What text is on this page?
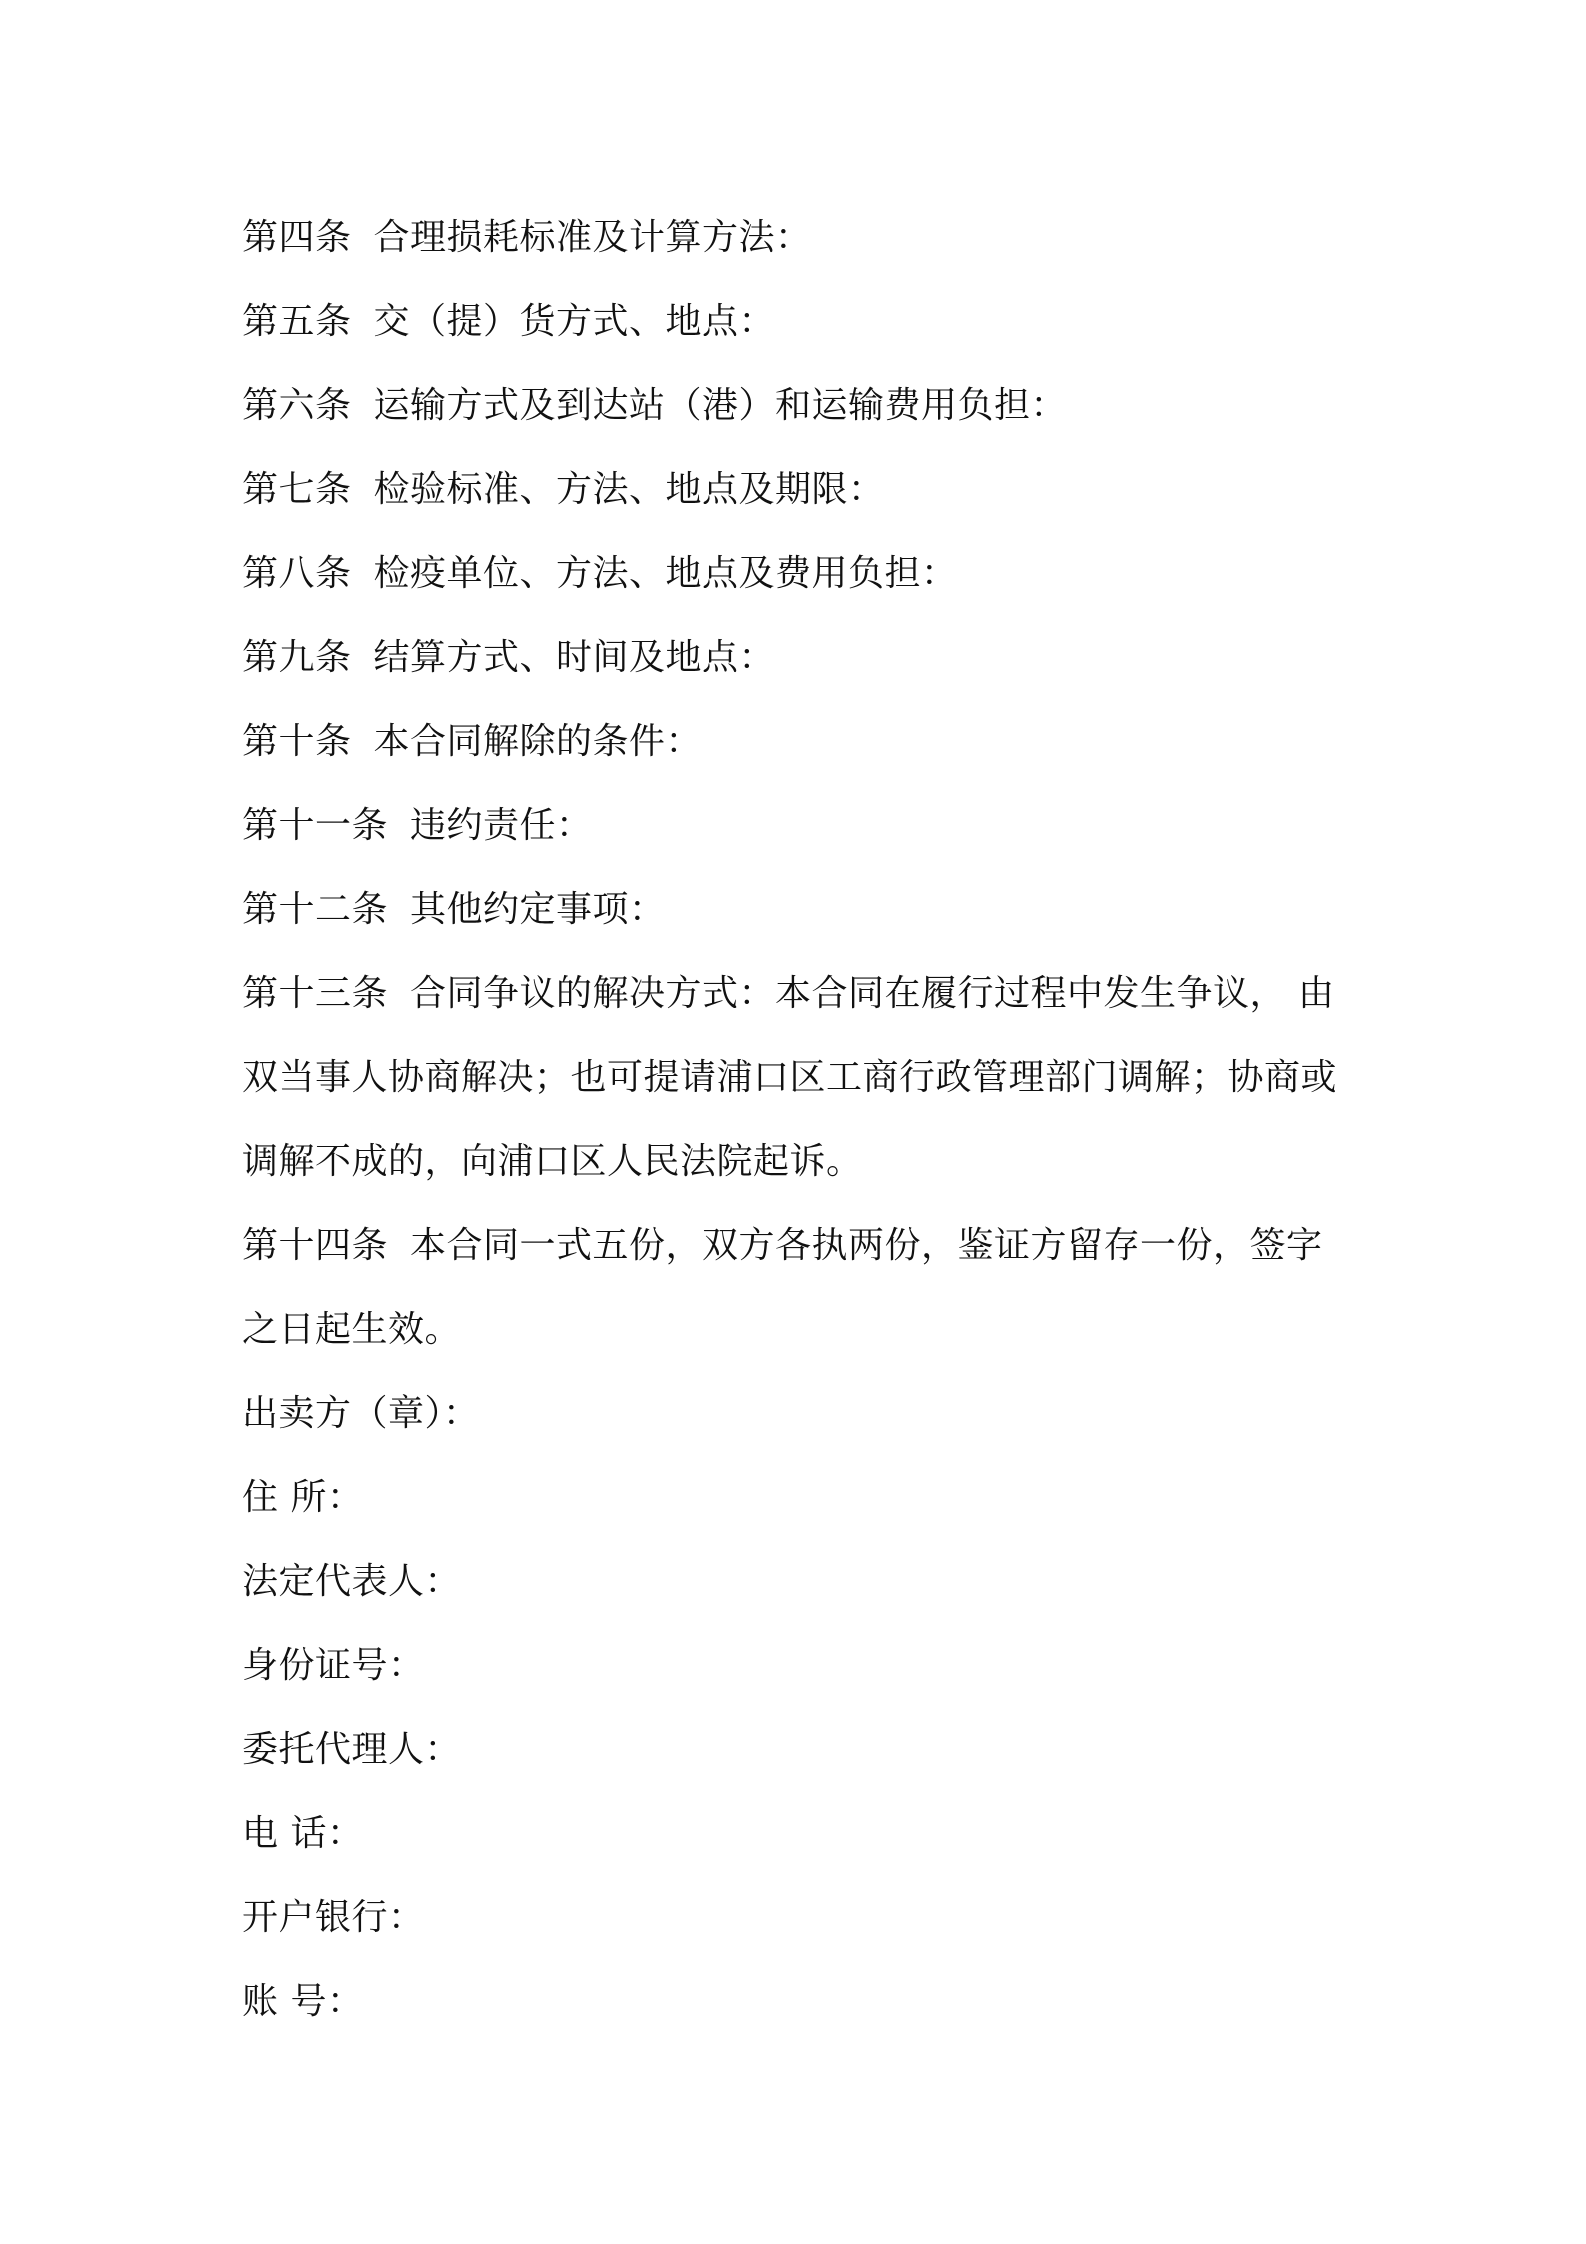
第四条 合理损耗标准及计算方法：
第五条 交（提）货方式、地点：
第六条 运输方式及到达站（港）和运输费用负担：
第七条 检验标准、方法、地点及期限：
第八条 检疫单位、方法、地点及费用负担：
第九条 结算方式、时间及地点：
第十条 本合同解除的条件：
第十一条 违约责任：
第十二条 其他约定事项：
第十三条 合同争议的解决方式：本合同在履行过程中发生争议， 由
双当事人协商解决；也可提请浦口区工商行政管理部门调解；协商或
调解不成的，向浦口区人民法院起诉。
第十四条 本合同一式五份，双方各执两份，鉴证方留存一份，签字
之日起生效。
出卖方（章）：
住 所：
法定代表人：
身份证号：
委托代理人：
电 话：
开户银行：
账 号：
